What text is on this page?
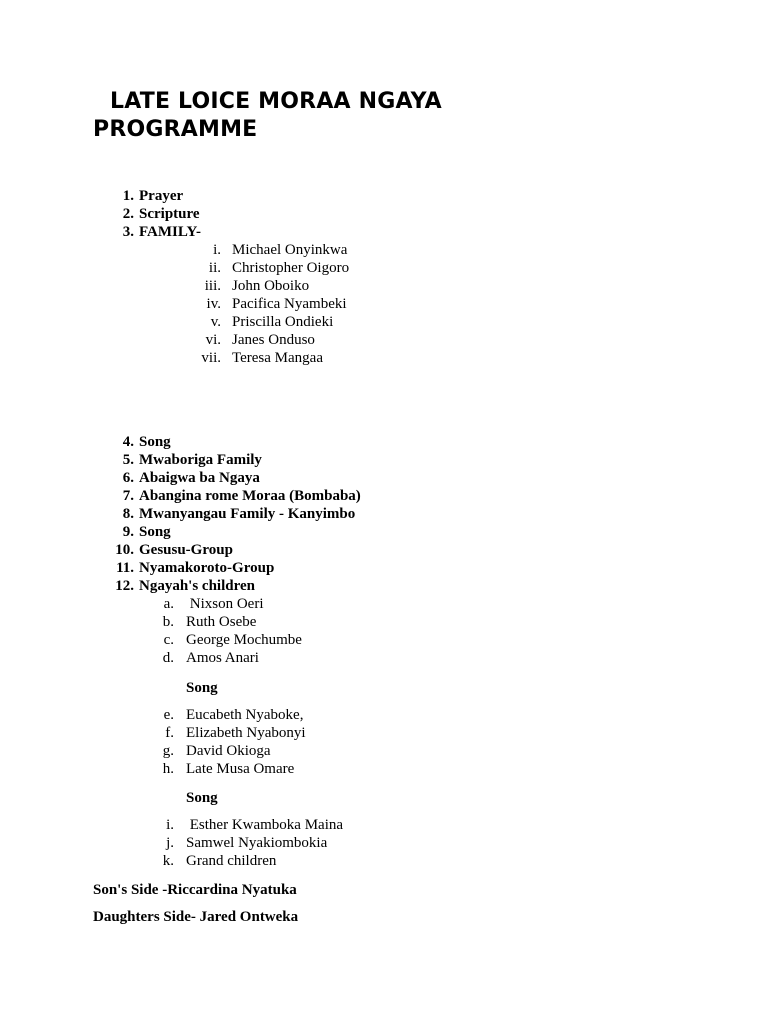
LATE LOICE MORAA NGAYA
PROGRAMME
1. Prayer
2. Scripture
3. FAMILY-
i. Michael Onyinkwa
ii. Christopher Oigoro
iii. John Oboiko
iv. Pacifica Nyambeki
v. Priscilla Ondieki
vi. Janes Onduso
vii. Teresa Mangaa
4. Song
5. Mwaboriga Family
6. Abaigwa ba Ngaya
7. Abangina rome Moraa (Bombaba)
8. Mwanyangau Family - Kanyimbo
9. Song
10. Gesusu-Group
11. Nyamakoroto-Group
12. Ngayah's children
a. Nixson Oeri
b. Ruth Osebe
c. George Mochumbe
d. Amos Anari
Song
e. Eucabeth Nyaboke,
f. Elizabeth Nyabonyi
g. David Okioga
h. Late Musa Omare
Song
i. Esther Kwamboka Maina
j. Samwel Nyakiombokia
k. Grand children
Son's Side -Riccardina Nyatuka
Daughters Side- Jared Ontweka
